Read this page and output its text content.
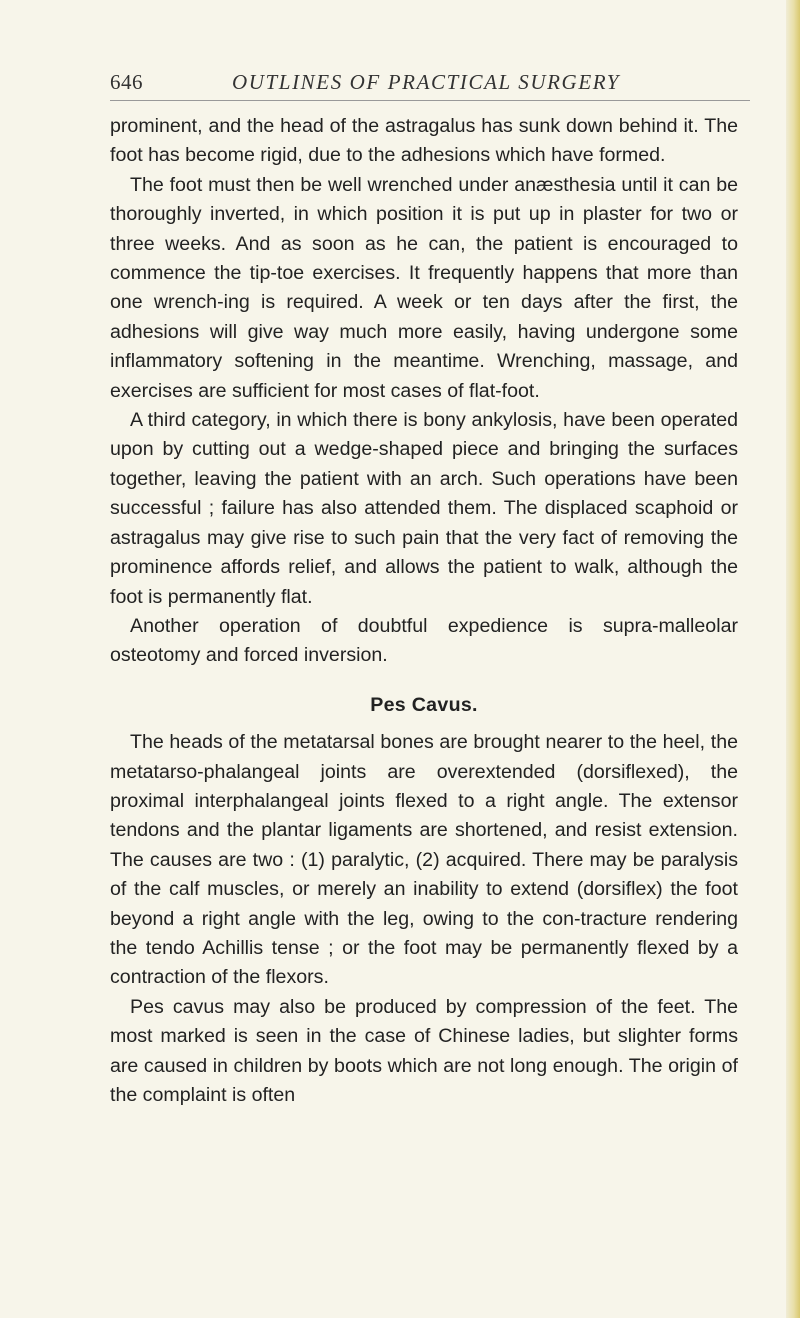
646	OUTLINES OF PRACTICAL SURGERY

prominent, and the head of the astragalus has sunk down behind it. The foot has become rigid, due to the adhesions which have formed.

The foot must then be well wrenched under anæsthesia until it can be thoroughly inverted, in which position it is put up in plaster for two or three weeks. And as soon as he can, the patient is encouraged to commence the tip-toe exercises. It frequently happens that more than one wrench-ing is required. A week or ten days after the first, the adhesions will give way much more easily, having undergone some inflammatory softening in the meantime. Wrenching, massage, and exercises are sufficient for most cases of flat-foot.

A third category, in which there is bony ankylosis, have been operated upon by cutting out a wedge-shaped piece and bringing the surfaces together, leaving the patient with an arch. Such operations have been successful ; failure has also attended them. The displaced scaphoid or astragalus may give rise to such pain that the very fact of removing the prominence affords relief, and allows the patient to walk, although the foot is permanently flat.

Another operation of doubtful expedience is supra-malleolar osteotomy and forced inversion.

Pes Cavus.

The heads of the metatarsal bones are brought nearer to the heel, the metatarso-phalangeal joints are overextended (dorsiflexed), the proximal interphalangeal joints flexed to a right angle. The extensor tendons and the plantar ligaments are shortened, and resist extension. The causes are two : (1) paralytic, (2) acquired. There may be paralysis of the calf muscles, or merely an inability to extend (dorsiflex) the foot beyond a right angle with the leg, owing to the con-tracture rendering the tendo Achillis tense ; or the foot may be permanently flexed by a contraction of the flexors.

Pes cavus may also be produced by compression of the feet. The most marked is seen in the case of Chinese ladies, but slighter forms are caused in children by boots which are not long enough. The origin of the complaint is often
